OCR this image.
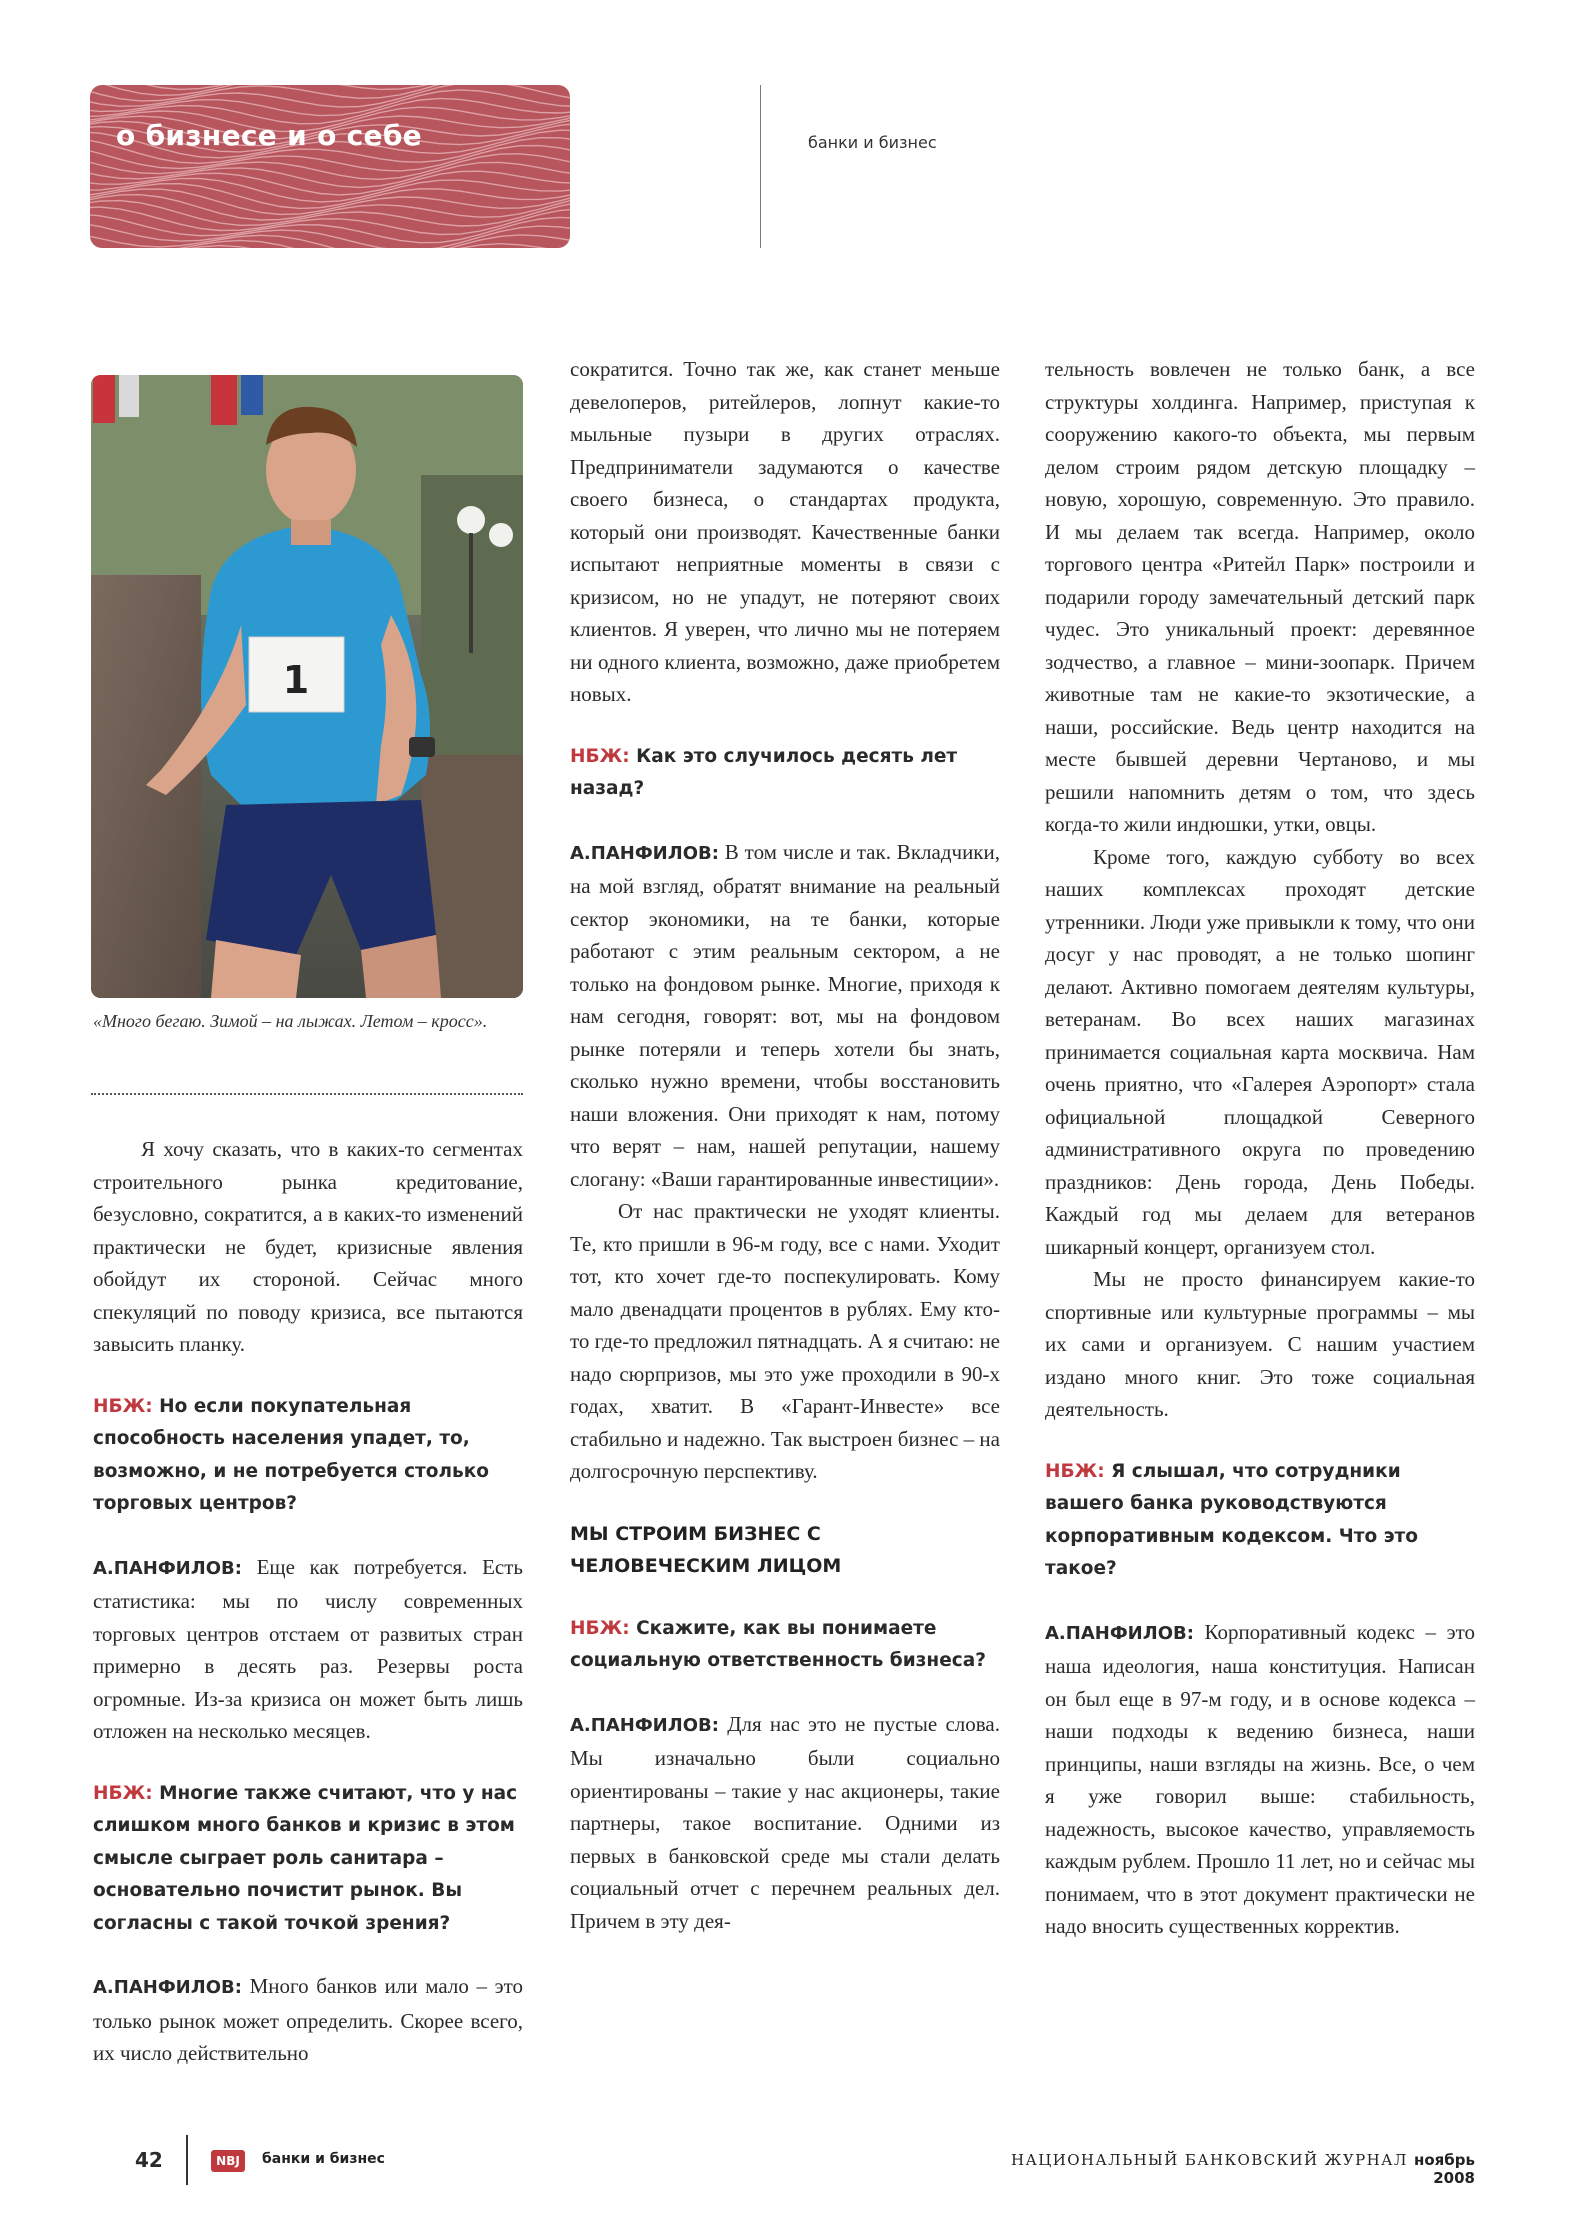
о бизнесе и о себе	банки и бизнес
1
«Много бегаю. Зимой – на лыжах. Летом – кросс».

Я хочу сказать, что в каких-то сегментах строительного рынка кредитование, безусловно, сократится, а в каких-то изменений практически не будет, кризисные явления обойдут их стороной. Сейчас много спекуляций по поводу кризиса, все пытаются завысить планку.

НБЖ: Но если покупательная способность населения упадет, то, возможно, и не потребуется столько торговых центров?

А.ПАНФИЛОВ: Еще как потребуется. Есть статистика: мы по числу современных торговых центров отстаем от развитых стран примерно в десять раз. Резервы роста огромные. Из-за кризиса он может быть лишь отложен на несколько месяцев.

НБЖ: Многие также считают, что у нас слишком много банков и кризис в этом смысле сыграет роль санитара – основательно почистит рынок. Вы согласны с такой точкой зрения?

А.ПАНФИЛОВ: Много банков или мало – это только рынок может определить. Скорее всего, их число действительно

сократится. Точно так же, как станет меньше девелоперов, ритейлеров, лопнут какие-то мыльные пузыри в других отраслях. Предприниматели задумаются о качестве своего бизнеса, о стандартах продукта, который они производят. Качественные банки испытают неприятные моменты в связи с кризисом, но не упадут, не потеряют своих клиентов. Я уверен, что лично мы не потеряем ни одного клиента, возможно, даже приобретем новых.

НБЖ: Как это случилось десять лет назад?

А.ПАНФИЛОВ: В том числе и так. Вкладчики, на мой взгляд, обратят внимание на реальный сектор экономики, на те банки, которые работают с этим реальным сектором, а не только на фондовом рынке. Многие, приходя к нам сегодня, говорят: вот, мы на фондовом рынке потеряли и теперь хотели бы знать, сколько нужно времени, чтобы восстановить наши вложения. Они приходят к нам, потому что верят – нам, нашей репутации, нашему слогану: «Ваши гарантированные инвестиции».

От нас практически не уходят клиенты. Те, кто пришли в 96-м году, все с нами. Уходит тот, кто хочет где-то поспекулировать. Кому мало двенадцати процентов в рублях. Ему кто-то где-то предложил пятнадцать. А я считаю: не надо сюрпризов, мы это уже проходили в 90-х годах, хватит. В «Гарант-Инвесте» все стабильно и надежно. Так выстроен бизнес – на долгосрочную перспективу.

МЫ СТРОИМ БИЗНЕС С ЧЕЛОВЕЧЕСКИМ ЛИЦОМ

НБЖ: Скажите, как вы понимаете социальную ответственность бизнеса?

А.ПАНФИЛОВ: Для нас это не пустые слова. Мы изначально были социально ориентированы – такие у нас акционеры, такие партнеры, такое воспитание. Одними из первых в банковской среде мы стали делать социальный отчет с перечнем реальных дел. Причем в эту дея-

тельность вовлечен не только банк, а все структуры холдинга. Например, приступая к сооружению какого-то объекта, мы первым делом строим рядом детскую площадку – новую, хорошую, современную. Это правило. И мы делаем так всегда. Например, около торгового центра «Ритейл Парк» построили и подарили городу замечательный детский парк чудес. Это уникальный проект: деревянное зодчество, а главное – мини-зоопарк. Причем животные там не какие-то экзотические, а наши, российские. Ведь центр находится на месте бывшей деревни Чертаново, и мы решили напомнить детям о том, что здесь когда-то жили индюшки, утки, овцы.

Кроме того, каждую субботу во всех наших комплексах проходят детские утренники. Люди уже привыкли к тому, что они досуг у нас проводят, а не только шопинг делают. Активно помогаем деятелям культуры, ветеранам. Во всех наших магазинах принимается социальная карта москвича. Нам очень приятно, что «Галерея Аэропорт» стала официальной площадкой Северного административного округа по проведению праздников: День города, День Победы. Каждый год мы делаем для ветеранов шикарный концерт, организуем стол.

Мы не просто финансируем какие-то спортивные или культурные программы – мы их сами и организуем. С нашим участием издано много книг. Это тоже социальная деятельность.

НБЖ: Я слышал, что сотрудники вашего банка руководствуются корпоративным кодексом. Что это такое?

А.ПАНФИЛОВ: Корпоративный кодекс – это наша идеология, наша конституция. Написан он был еще в 97-м году, и в основе кодекса – наши подходы к ведению бизнеса, наши принципы, наши взгляды на жизнь. Все, о чем я уже говорил выше: стабильность, надежность, высокое качество, управляемость каждым рублем. Прошло 11 лет, но и сейчас мы понимаем, что в этот документ практически не надо вносить существенных корректив.

42	NBJ	банки и бизнес	НАЦИОНАЛЬНЫЙ БАНКОВСКИЙ ЖУРНАЛ ноябрь 2008
